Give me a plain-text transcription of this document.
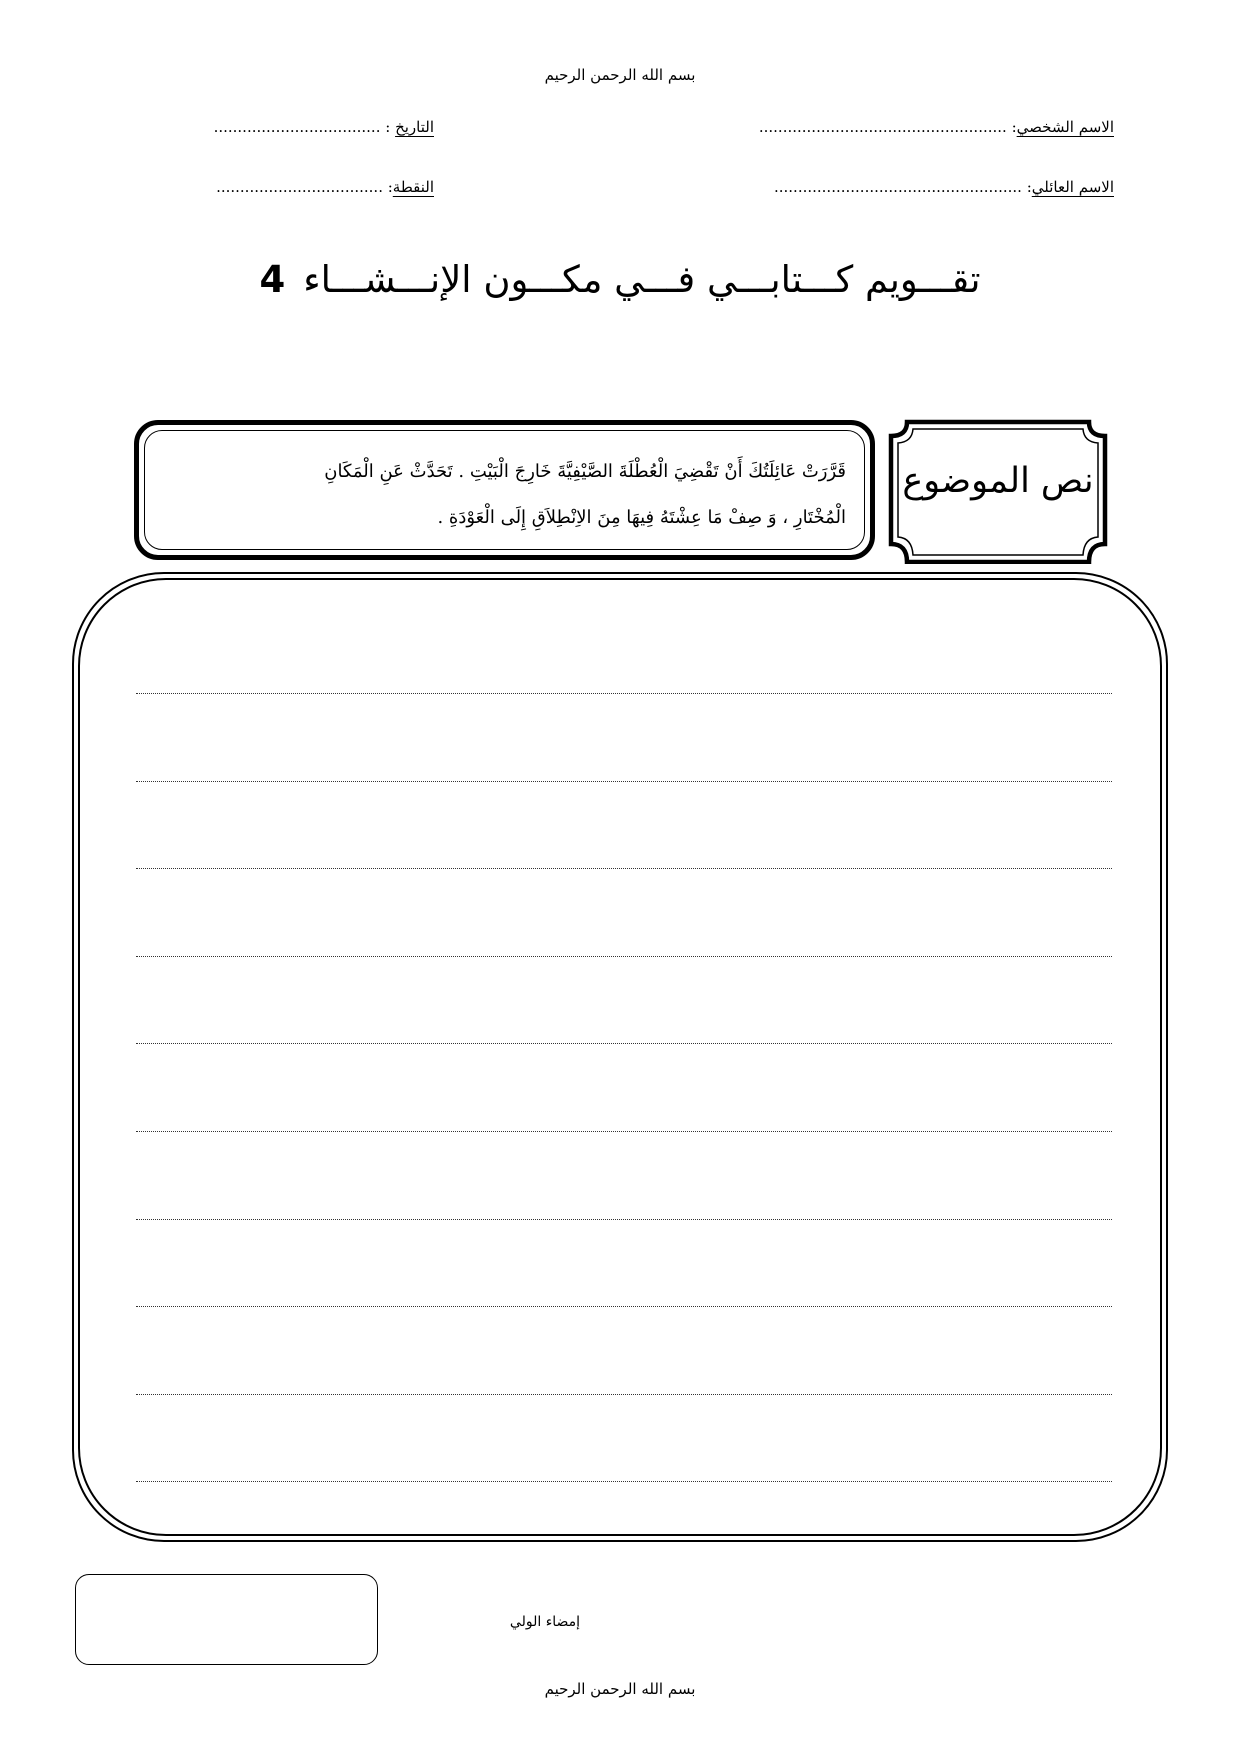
بسم الله الرحمن الرحيم
الاسم الشخصي: ....................................................
التاريخ : ...................................
الاسم العائلي: ....................................................
النقطة: ...................................
تقـــويم كـــتابـــي فـــي مكـــون الإنـــشـــاء4
نص الموضوع
قَرَّرَتْ عَائِلَتُكَ أَنْ تَقْضِيَ الْعُطْلَةَ الصَّيْفِيَّةَ خَارِجَ الْبَيْتِ . تَحَدَّثْ عَنِ الْمَكَانِ
الْمُخْتَارِ ، وَ صِفْ مَا عِشْتَهُ فِيهَا مِنَ الاِنْطِلاَقِ إِلَى الْعَوْدَةِ .
إمضاء الولي
بسم الله الرحمن الرحيم
